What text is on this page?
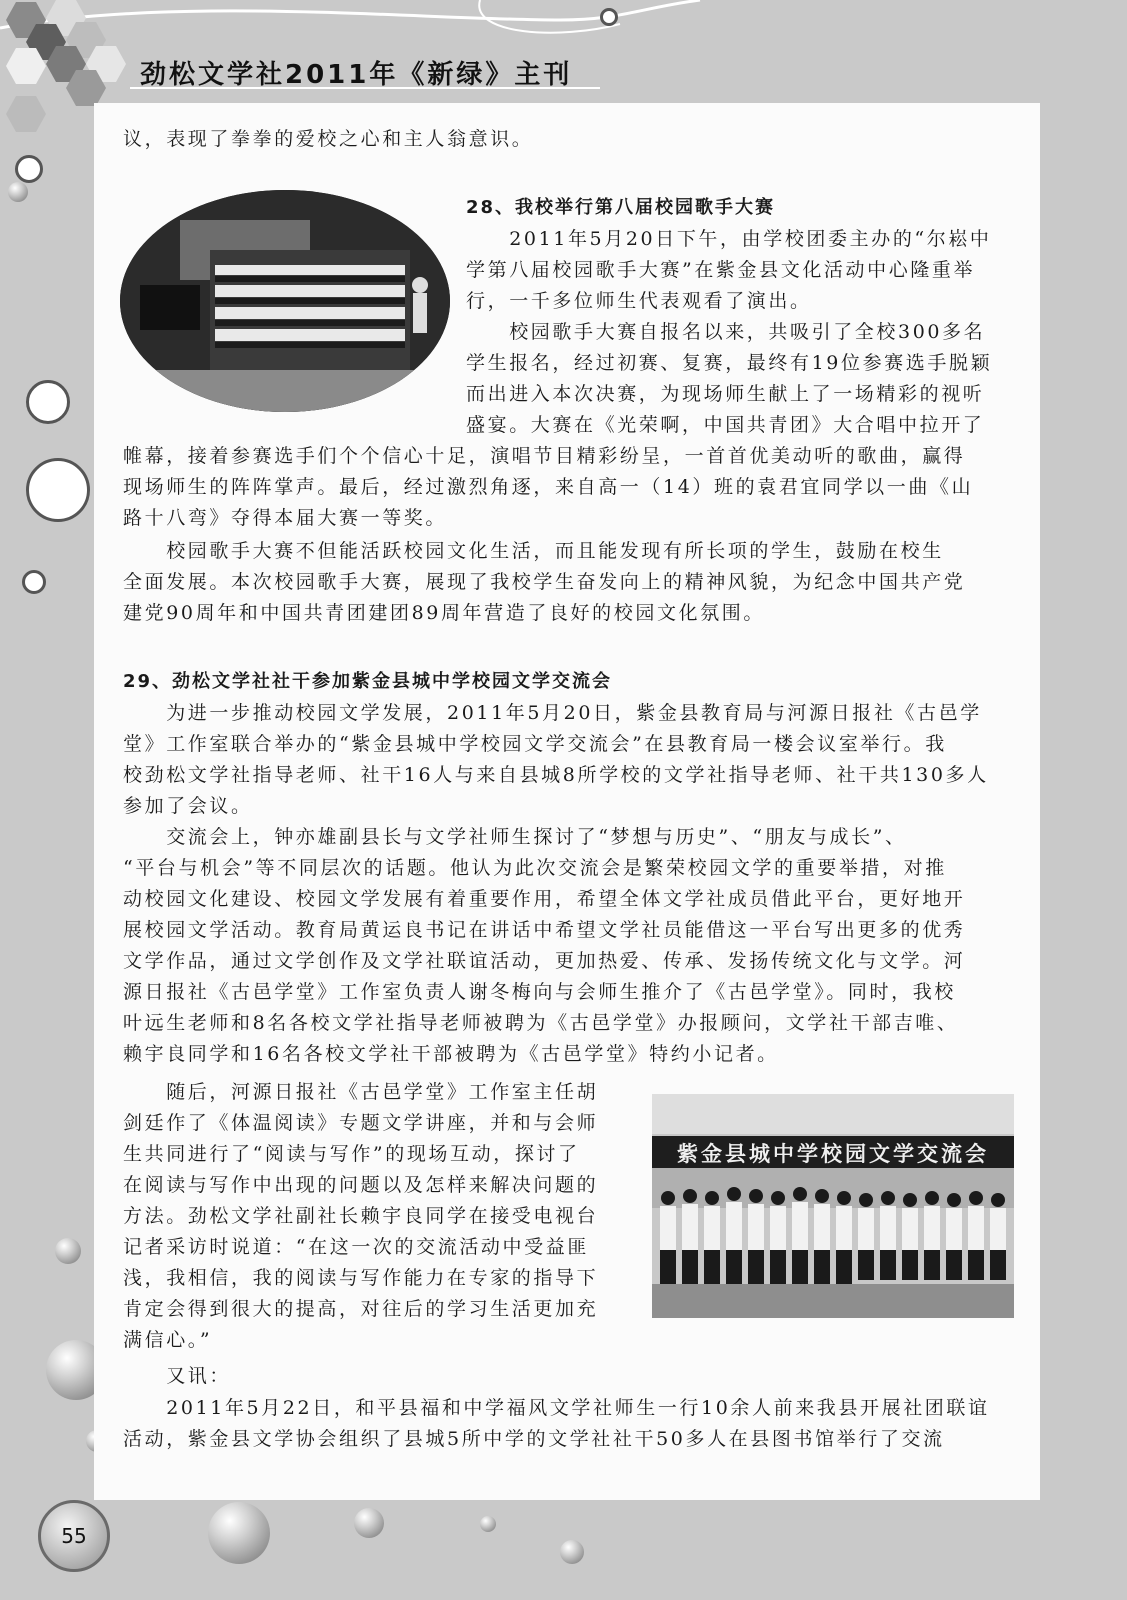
劲松文学社2011年《新绿》主刊
议，表现了拳拳的爱校之心和主人翁意识。
28、我校举行第八届校园歌手大赛
　　2011年5月20日下午，由学校团委主办的“尔崧中
学第八届校园歌手大赛”在紫金县文化活动中心隆重举
行，一千多位师生代表观看了演出。
　　校园歌手大赛自报名以来，共吸引了全校300多名
学生报名，经过初赛、复赛，最终有19位参赛选手脱颖
而出进入本次决赛，为现场师生献上了一场精彩的视听
盛宴。大赛在《光荣啊，中国共青团》大合唱中拉开了
帷幕，接着参赛选手们个个信心十足，演唱节目精彩纷呈，一首首优美动听的歌曲，赢得
现场师生的阵阵掌声。最后，经过激烈角逐，来自高一（14）班的袁君宜同学以一曲《山
路十八弯》夺得本届大赛一等奖。
　　校园歌手大赛不但能活跃校园文化生活，而且能发现有所长项的学生，鼓励在校生
全面发展。本次校园歌手大赛，展现了我校学生奋发向上的精神风貌，为纪念中国共产党
建党90周年和中国共青团建团89周年营造了良好的校园文化氛围。
29、劲松文学社社干参加紫金县城中学校园文学交流会
　　为进一步推动校园文学发展，2011年5月20日，紫金县教育局与河源日报社《古邑学
堂》工作室联合举办的“紫金县城中学校园文学交流会”在县教育局一楼会议室举行。我
校劲松文学社指导老师、社干16人与来自县城8所学校的文学社指导老师、社干共130多人
参加了会议。
　　交流会上，钟亦雄副县长与文学社师生探讨了“梦想与历史”、“朋友与成长”、
“平台与机会”等不同层次的话题。他认为此次交流会是繁荣校园文学的重要举措，对推
动校园文化建设、校园文学发展有着重要作用，希望全体文学社成员借此平台，更好地开
展校园文学活动。教育局黄运良书记在讲话中希望文学社员能借这一平台写出更多的优秀
文学作品，通过文学创作及文学社联谊活动，更加热爱、传承、发扬传统文化与文学。河
源日报社《古邑学堂》工作室负责人谢冬梅向与会师生推介了《古邑学堂》。同时，我校
叶远生老师和8名各校文学社指导老师被聘为《古邑学堂》办报顾问，文学社干部吉唯、
赖宇良同学和16名各校文学社干部被聘为《古邑学堂》特约小记者。
　　随后，河源日报社《古邑学堂》工作室主任胡
剑廷作了《体温阅读》专题文学讲座，并和与会师
生共同进行了“阅读与写作”的现场互动，探讨了
在阅读与写作中出现的问题以及怎样来解决问题的
方法。劲松文学社副社长赖宇良同学在接受电视台
记者采访时说道：“在这一次的交流活动中受益匪
浅，我相信，我的阅读与写作能力在专家的指导下
肯定会得到很大的提高，对往后的学习生活更加充
满信心。”
　　又讯：
　　2011年5月22日，和平县福和中学福风文学社师生一行10余人前来我县开展社团联谊
活动，紫金县文学协会组织了县城5所中学的文学社社干50多人在县图书馆举行了交流
紫金县城中学校园文学交流会
55
